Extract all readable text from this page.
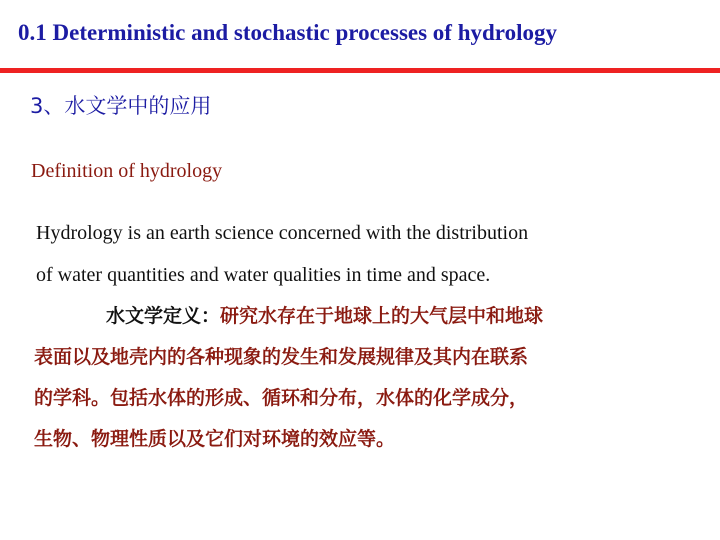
0.1 Deterministic and stochastic processes of hydrology
3、水文学中的应用
Definition of hydrology
Hydrology is an earth science concerned with the distribution
of water quantities and water qualities in time and space.
水文学定义：研究水存在于地球上的大气层中和地球
表面以及地壳内的各种现象的发生和发展规律及其内在联系
的学科。包括水体的形成、循环和分布，水体的化学成分，
生物、物理性质以及它们对环境的效应等。
